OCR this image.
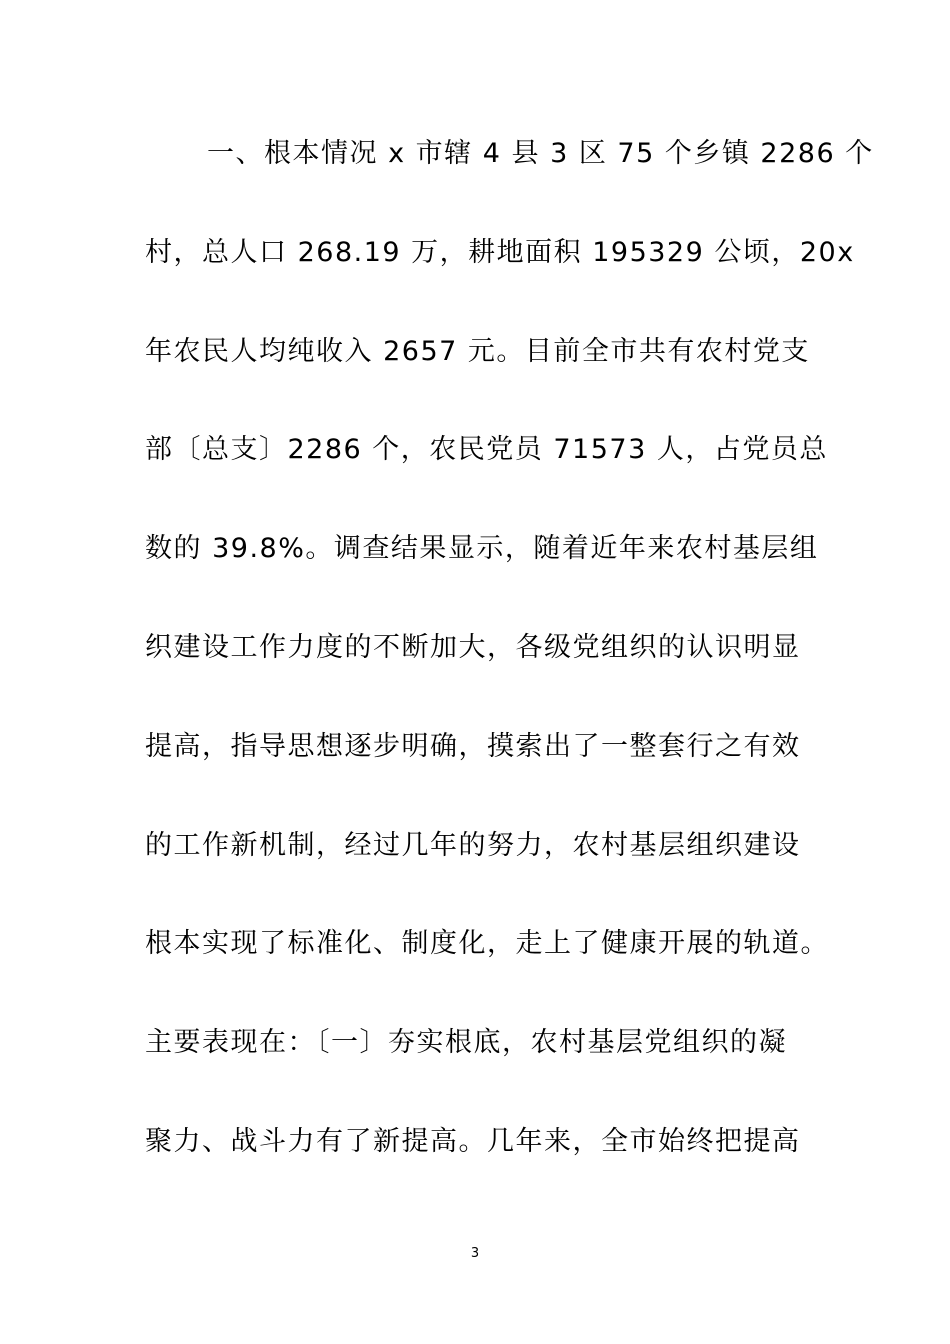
一、根本情况 x 市辖 4 县 3 区 75 个乡镇 2286 个
村，总人口 268.19 万，耕地面积 195329 公顷，20x
年农民人均纯收入 2657 元。目前全市共有农村党支
部〔总支〕2286 个，农民党员 71573 人，占党员总
数的 39.8%。调查结果显示，随着近年来农村基层组
织建设工作力度的不断加大，各级党组织的认识明显
提高，指导思想逐步明确，摸索出了一整套行之有效
的工作新机制，经过几年的努力，农村基层组织建设
根本实现了标准化、制度化，走上了健康开展的轨道。
主要表现在：〔一〕夯实根底，农村基层党组织的凝
聚力、战斗力有了新提高。几年来，全市始终把提高
3
